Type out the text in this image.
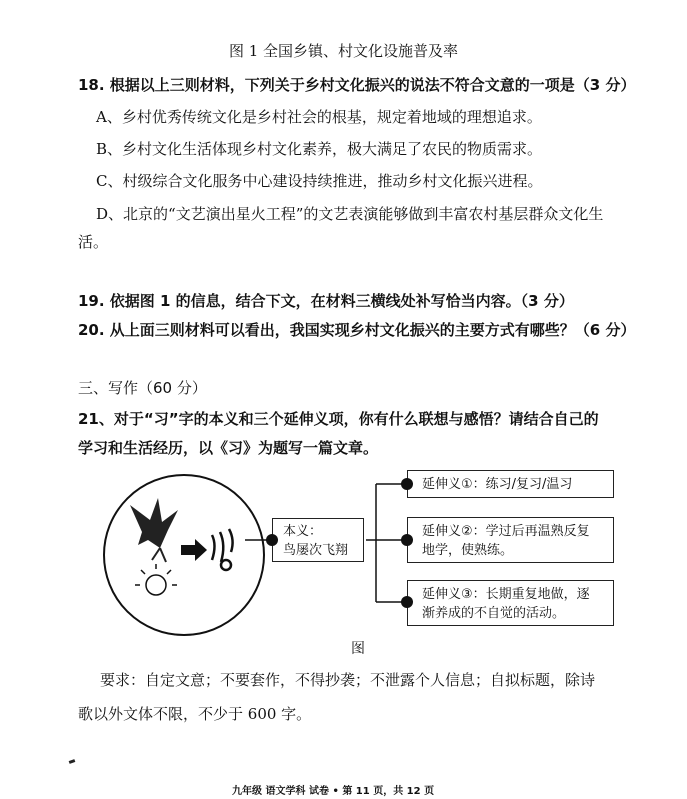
图 1 全国乡镇、村文化设施普及率
18. 根据以上三则材料，下列关于乡村文化振兴的说法不符合文意的一项是（3 分）
A、乡村优秀传统文化是乡村社会的根基，规定着地域的理想追求。
B、乡村文化生活体现乡村文化素养，极大满足了农民的物质需求。
C、村级综合文化服务中心建设持续推进，推动乡村文化振兴进程。
D、北京的“文艺演出星火工程”的文艺表演能够做到丰富农村基层群众文化生
活。
19. 依据图 1 的信息，结合下文，在材料三横线处补写恰当内容。（3 分）
20. 从上面三则材料可以看出，我国实现乡村文化振兴的主要方式有哪些？（6 分）
三、写作（60 分）
21、对于“习”字的本义和三个延伸义项，你有什么联想与感悟？请结合自己的
学习和生活经历，以《习》为题写一篇文章。
本义：
鸟屡次飞翔
延伸义①：练习/复习/温习
延伸义②：学过后再温熟反复
地学，使熟练。
延伸义③：长期重复地做，逐
渐养成的不自觉的活动。
图
要求：自定文意；不要套作，不得抄袭；不泄露个人信息；自拟标题，除诗
歌以外文体不限，不少于 600 字。
九年级 语文学科 试卷 • 第 11 页，共 12 页
